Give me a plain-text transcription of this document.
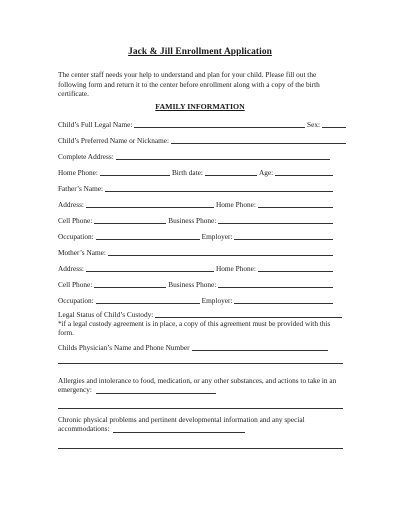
Jack & Jill Enrollment Application
The center staff needs your help to understand and plan for your child. Please fill out the following form and return it to the center before enrollment along with a copy of the birth certificate.
FAMILY INFORMATION
Child’s Full Legal Name:	Sex:
Child’s Preferred Name or Nickname:
Complete Address:
Home Phone:	Birth date:	Age:
Father’s Name:
Address:	Home Phone:
Cell Phone:	Business Phone:
Occupation:	Employer:
Mother’s Name:
Address:	Home Phone:
Cell Phone:	Business Phone:
Occupation:	Employer:
Legal Status of Child’s Custody:
*if a legal custody agreement is in place, a copy of this agreement must be provided with this form.
Childs Physician’s Name and Phone Number
Allergies and intolerance to food, medication, or any other substances, and actions to take in an emergency:
Chronic physical problems and pertinent developmental information and any special accommodations:
